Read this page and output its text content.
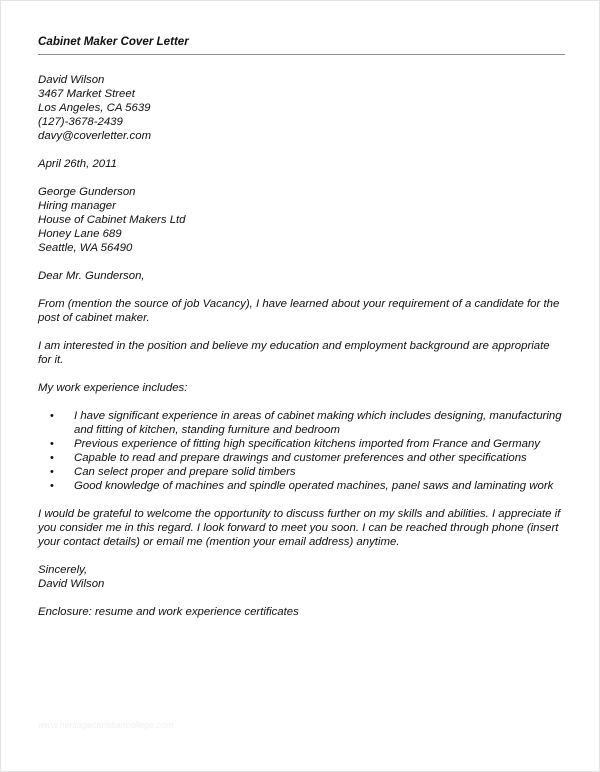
Cabinet Maker Cover Letter
David Wilson
3467 Market Street
Los Angeles, CA 5639
(127)-3678-2439
davy@coverletter.com
April 26th, 2011
George Gunderson
Hiring manager
House of Cabinet Makers Ltd
Honey Lane 689
Seattle, WA 56490

Dear Mr. Gunderson,

From (mention the source of job Vacancy), I have learned about your requirement of a candidate for the post of cabinet maker.

I am interested in the position and believe my education and employment background are appropriate for it.

My work experience includes:

• I have significant experience in areas of cabinet making which includes designing, manufacturing and fitting of kitchen, standing furniture and bedroom
• Previous experience of fitting high specification kitchens imported from France and Germany
• Capable to read and prepare drawings and customer preferences and other specifications
• Can select proper and prepare solid timbers
• Good knowledge of machines and spindle operated machines, panel saws and laminating work

I would be grateful to welcome the opportunity to discuss further on my skills and abilities. I appreciate if you consider me in this regard. I look forward to meet you soon. I can be reached through phone (insert your contact details) or email me (mention your email address) anytime.

Sincerely,
David Wilson

Enclosure: resume and work experience certificates

www.heritagechristiancollege.com
